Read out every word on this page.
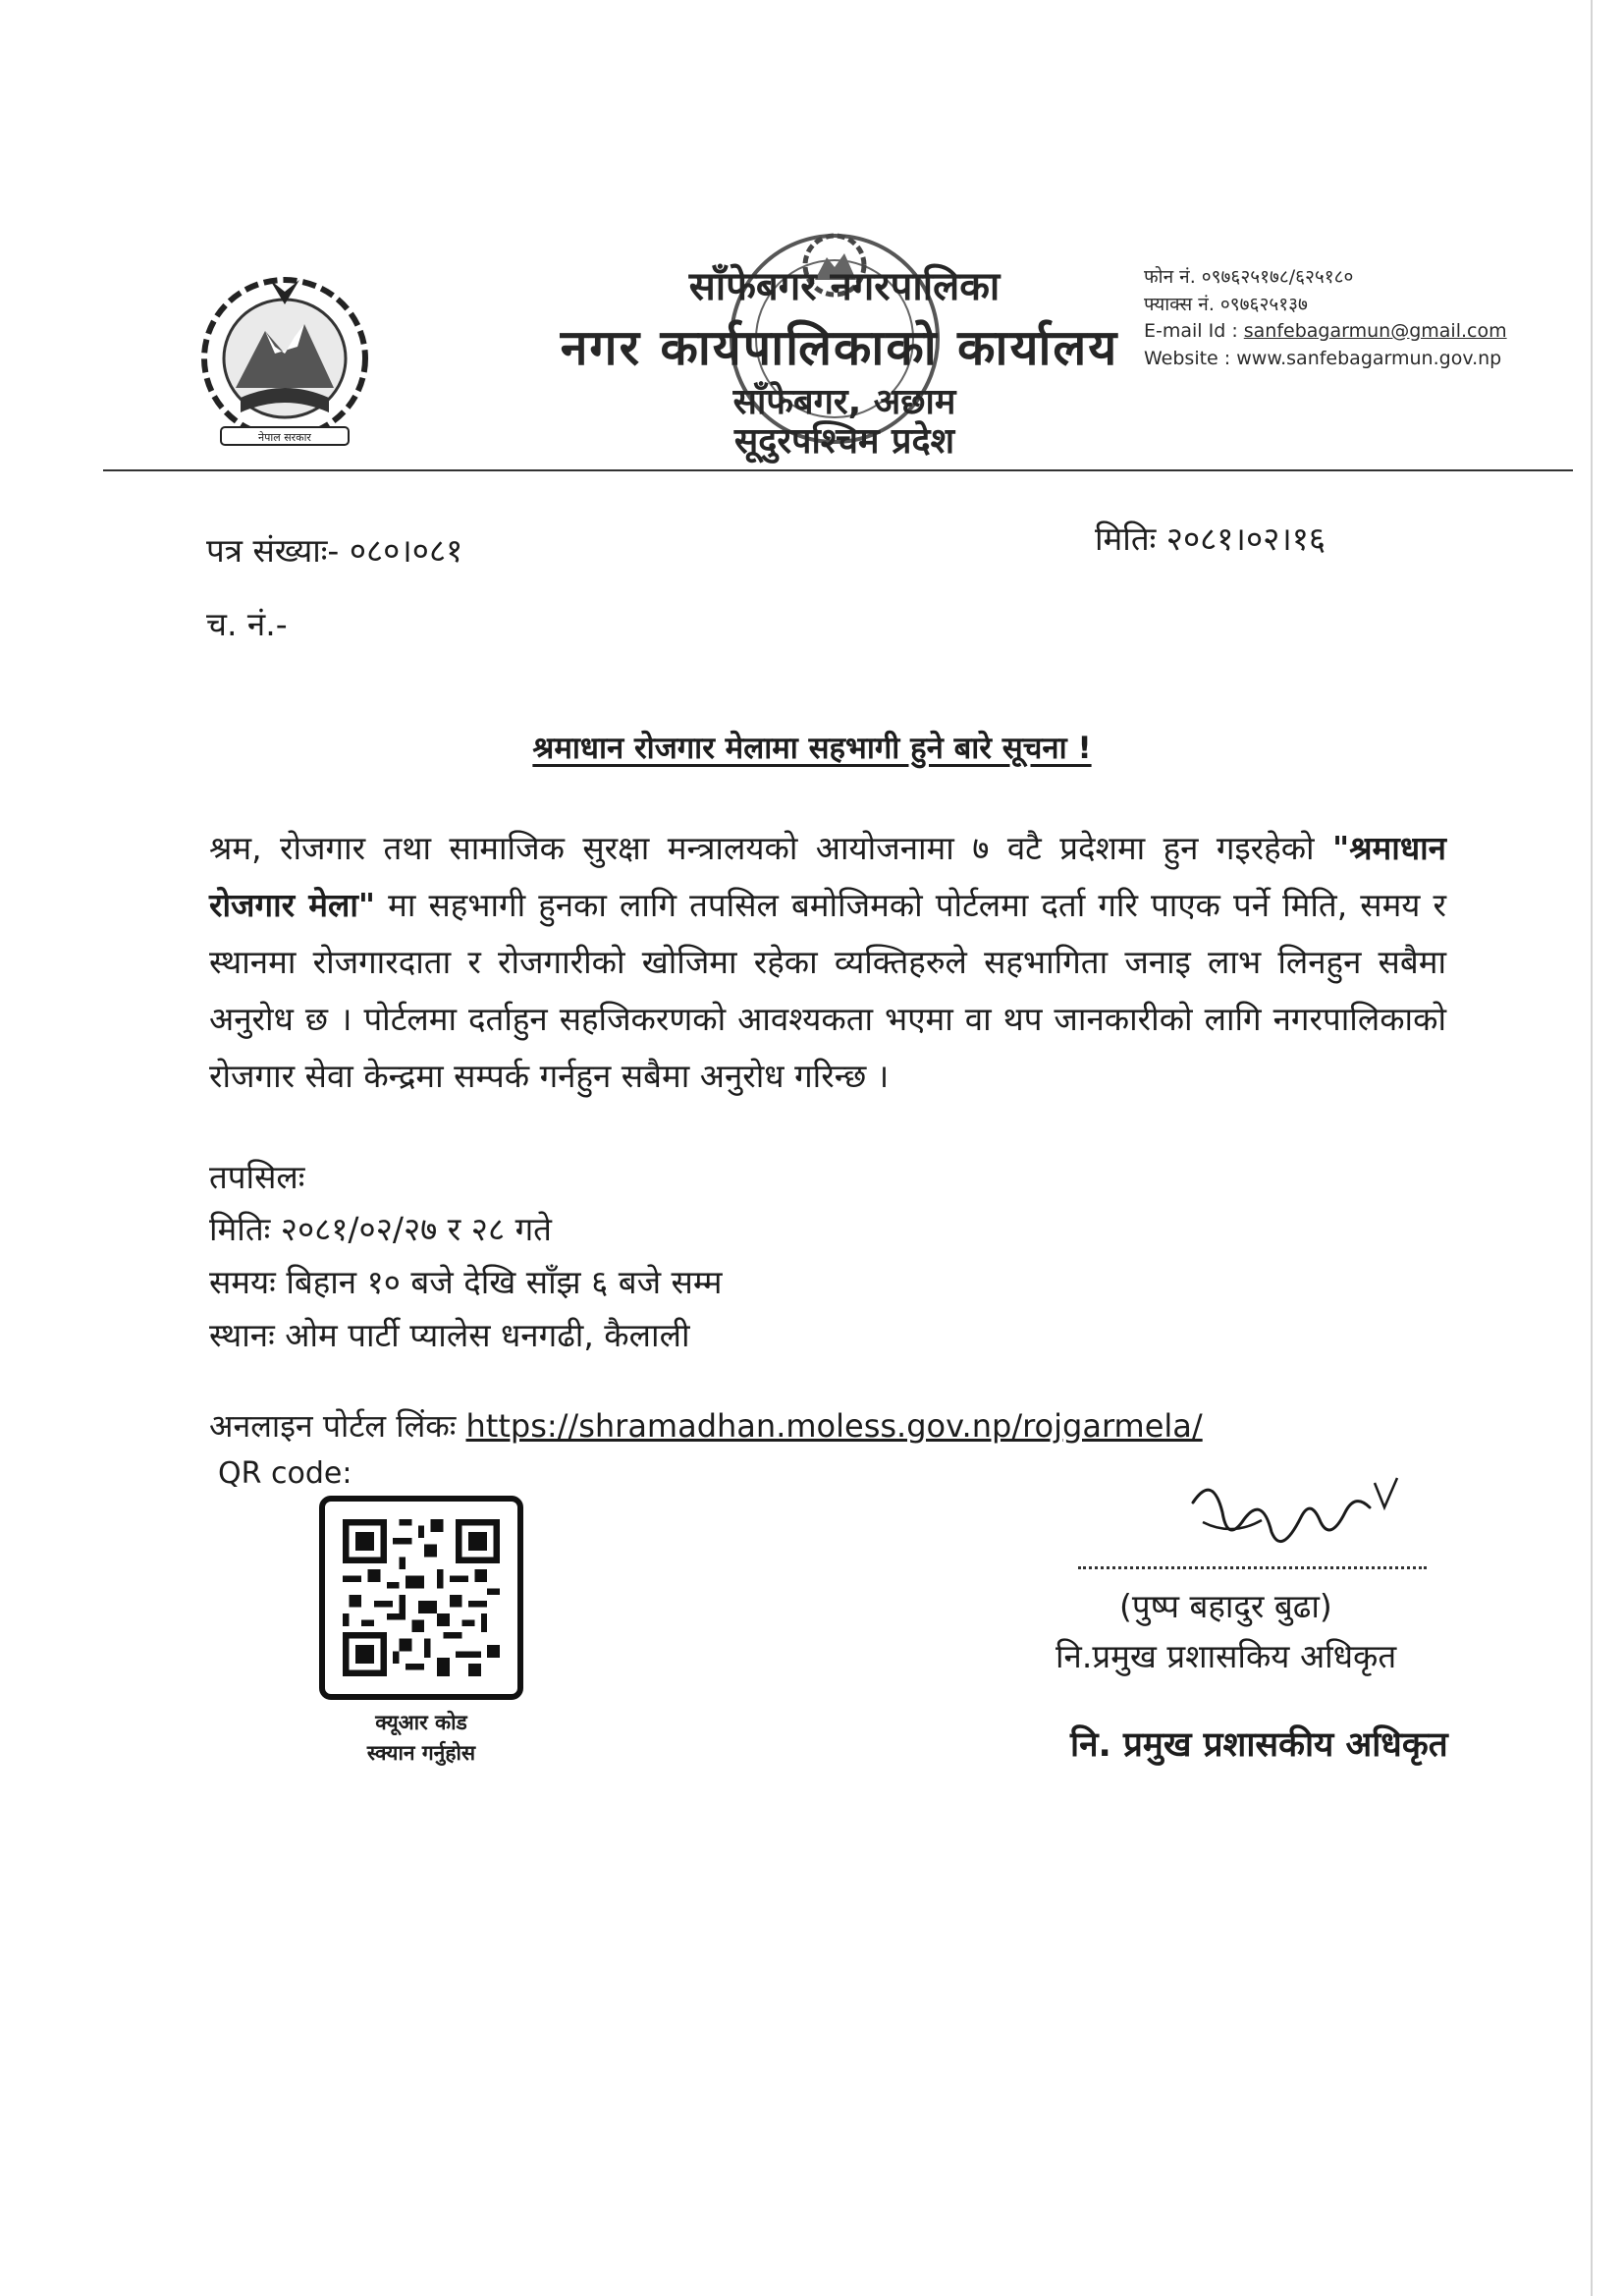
नेपाल सरकार
साँफेबगर नगरपालिका
नगर कार्यपालिकाको कार्यालय
साँफेबगर, अछाम
सूदुरपश्चिम प्रदेश
फोन नं. ०९७६२५१७८/६२५१८०
फ्याक्स नं. ०९७६२५१३७
E-mail Id : sanfebagarmun@gmail.com
Website : www.sanfebagarmun.gov.np
पत्र संख्याः- ०८०।०८१
च. नं.-
मितिः २०८१।०२।१६
श्रमाधान रोजगार मेलामा सहभागी हुने बारे सूचना !
श्रम, रोजगार तथा सामाजिक सुरक्षा मन्त्रालयको आयोजनामा ७ वटै प्रदेशमा हुन गइरहेको "श्रमाधान रोजगार मेला" मा सहभागी हुनका लागि तपसिल बमोजिमको पोर्टलमा दर्ता गरि पाएक पर्ने मिति, समय र स्थानमा रोजगारदाता र रोजगारीको खोजिमा रहेका व्यक्तिहरुले सहभागिता जनाइ लाभ लिनहुन सबैमा अनुरोध छ । पोर्टलमा दर्ताहुन सहजिकरणको आवश्यकता भएमा वा थप जानकारीको लागि नगरपालिकाको रोजगार सेवा केन्द्रमा सम्पर्क गर्नहुन सबैमा अनुरोध गरिन्छ ।
तपसिलः
मितिः २०८१/०२/२७ र २८ गते
समयः बिहान १० बजे देखि साँझ ६ बजे सम्म
स्थानः ओम पार्टी प्यालेस धनगढी, कैलाली
अनलाइन पोर्टल लिंकः https://shramadhan.moless.gov.np/rojgarmela/
QR code:
क्यूआर कोड
स्क्यान गर्नुहोस
(पुष्प बहादुर बुढा)
नि.प्रमुख प्रशासकिय अधिकृत
नि. प्रमुख प्रशासकीय अधिकृत
